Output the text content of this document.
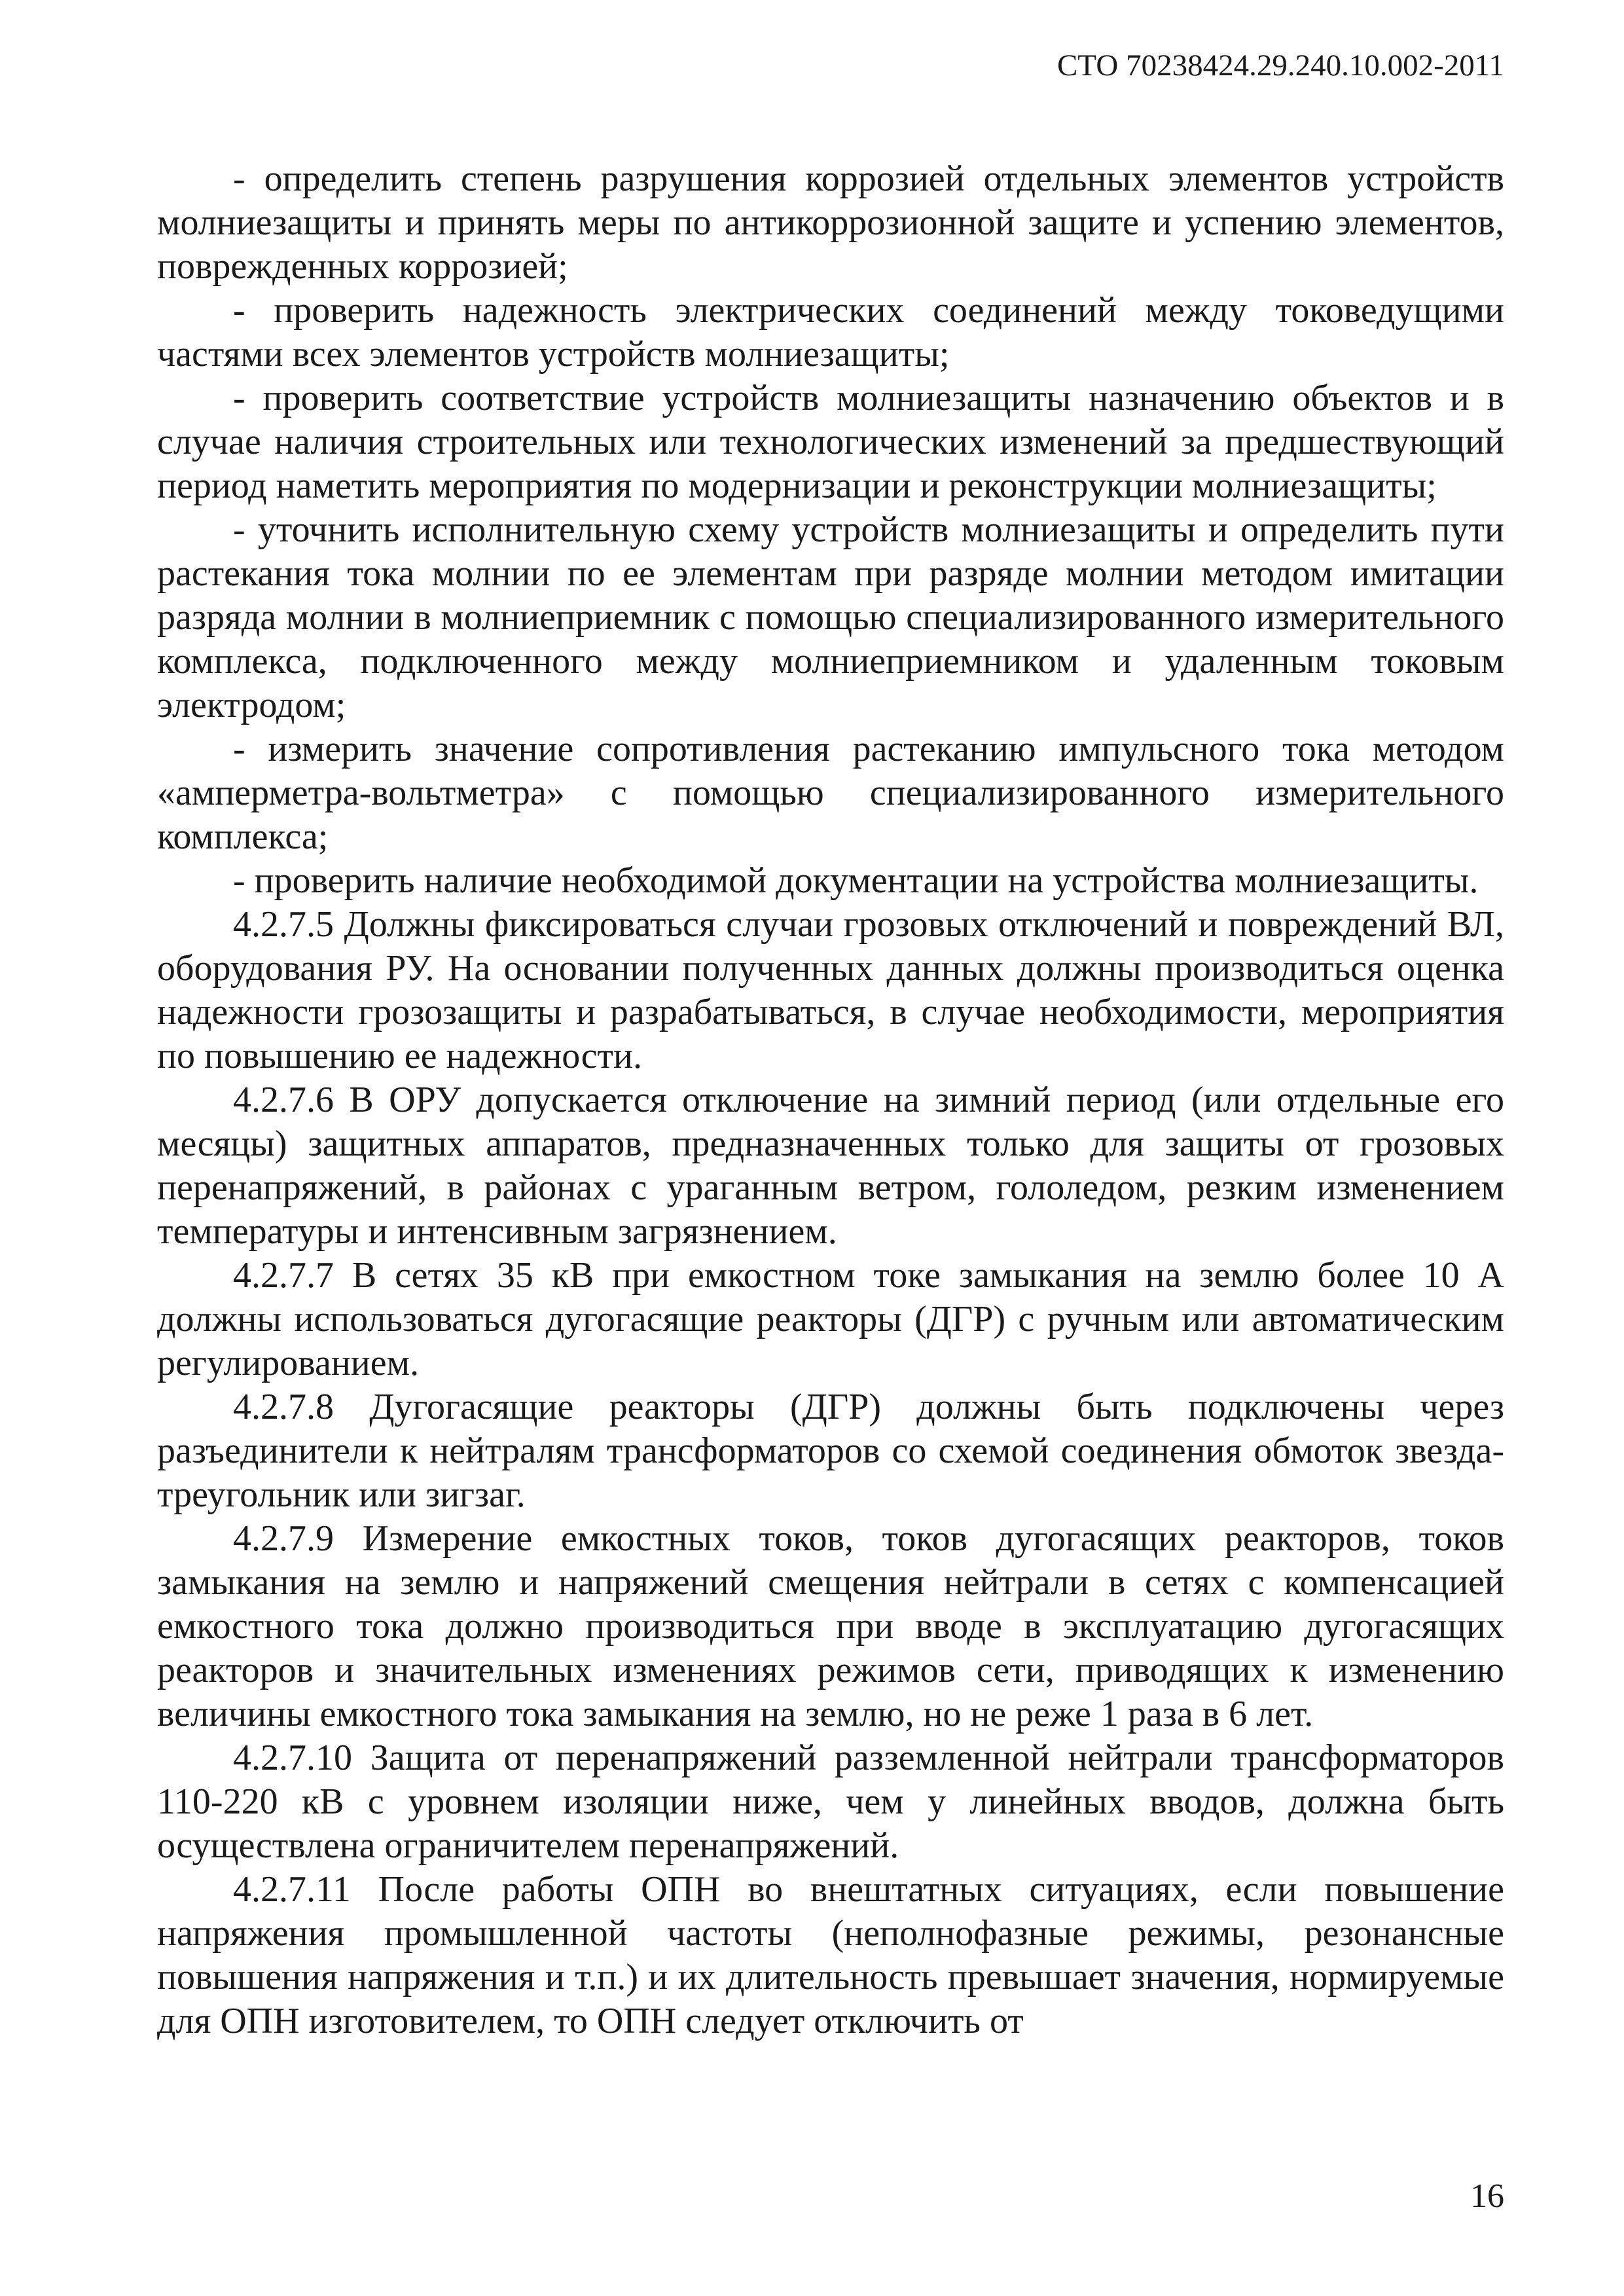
СТО 70238424.29.240.10.002-2011

- определить степень разрушения коррозией отдельных элементов устройств молниезащиты и принять меры по антикоррозионной защите и успению элементов, поврежденных коррозией;

- проверить надежность электрических соединений между токоведущими частями всех элементов устройств молниезащиты;

- проверить соответствие устройств молниезащиты назначению объектов и в случае наличия строительных или технологических изменений за предшествующий период наметить мероприятия по модернизации и реконструкции молниезащиты;

- уточнить исполнительную схему устройств молниезащиты и определить пути растекания тока молнии по ее элементам при разряде молнии методом имитации разряда молнии в молниеприемник с помощью специализированного измерительного комплекса, подключенного между молниеприемником и удаленным токовым электродом;

- измерить значение сопротивления растеканию импульсного тока методом «амперметра-вольтметра» с помощью специализированного измерительного комплекса;

- проверить наличие необходимой документации на устройства молниезащиты.

4.2.7.5 Должны фиксироваться случаи грозовых отключений и повреждений ВЛ, оборудования РУ. На основании полученных данных должны производиться оценка надежности грозозащиты и разрабатываться, в случае необходимости, мероприятия по повышению ее надежности.

4.2.7.6 В ОРУ допускается отключение на зимний период (или отдельные его месяцы) защитных аппаратов, предназначенных только для защиты от грозовых перенапряжений, в районах с ураганным ветром, гололедом, резким изменением температуры и интенсивным загрязнением.

4.2.7.7 В сетях 35 кВ при емкостном токе замыкания на землю более 10 А должны использоваться дугогасящие реакторы (ДГР) с ручным или автоматическим регулированием.

4.2.7.8 Дугогасящие реакторы (ДГР) должны быть подключены через разъединители к нейтралям трансформаторов со схемой соединения обмоток звезда-треугольник или зигзаг.

4.2.7.9 Измерение емкостных токов, токов дугогасящих реакторов, токов замыкания на землю и напряжений смещения нейтрали в сетях с компенсацией емкостного тока должно производиться при вводе в эксплуатацию дугогасящих реакторов и значительных изменениях режимов сети, приводящих к изменению величины емкостного тока замыкания на землю, но не реже 1 раза в 6 лет.

4.2.7.10 Защита от перенапряжений разземленной нейтрали трансформаторов 110-220 кВ с уровнем изоляции ниже, чем у линейных вводов, должна быть осуществлена ограничителем перенапряжений.

4.2.7.11 После работы ОПН во внештатных ситуациях, если повышение напряжения промышленной частоты (неполнофазные режимы, резонансные повышения напряжения и т.п.) и их длительность превышает значения, нормируемые для ОПН изготовителем, то ОПН следует отключить от

16
